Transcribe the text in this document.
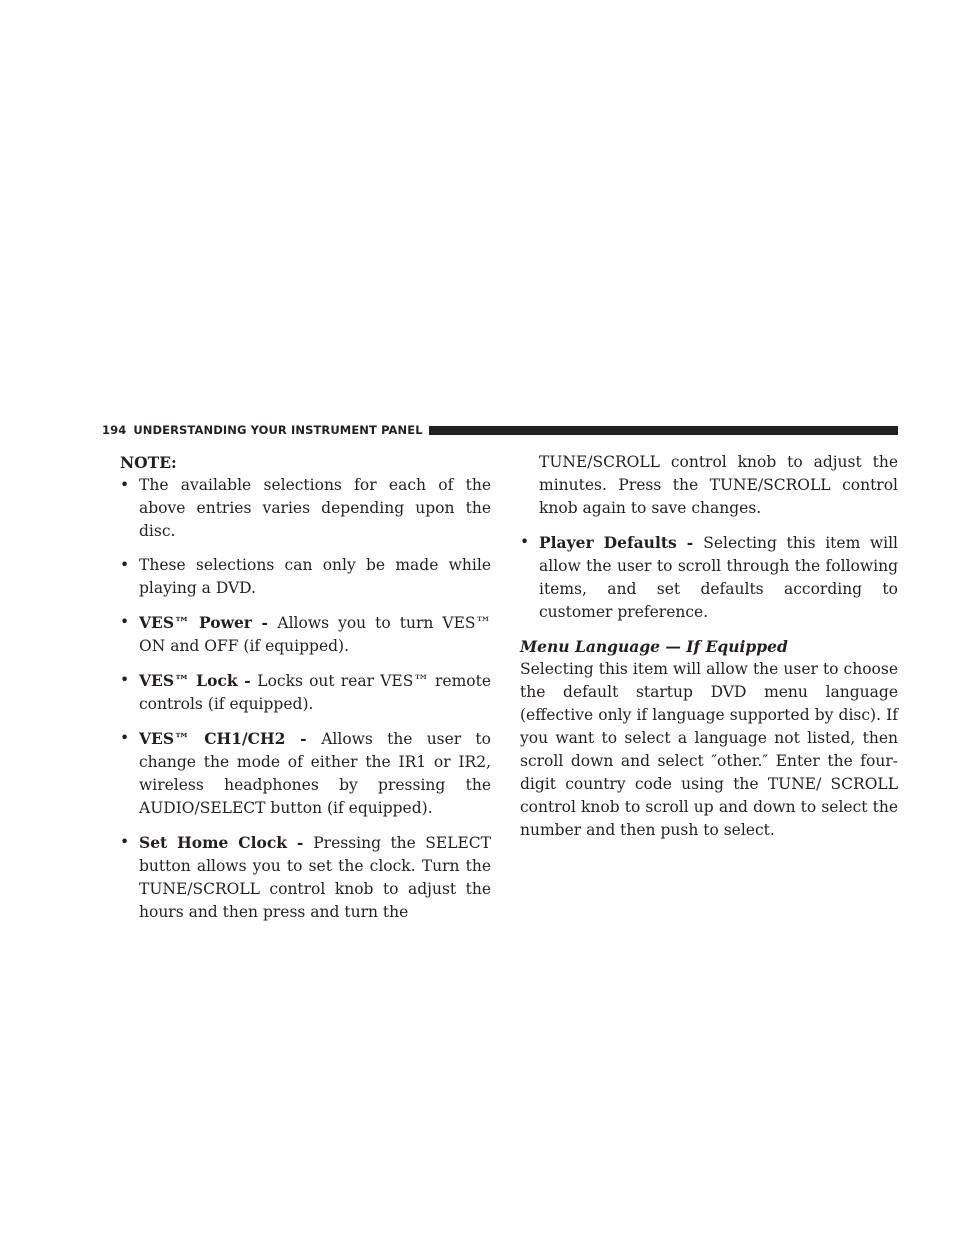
194 UNDERSTANDING YOUR INSTRUMENT PANEL
NOTE:
• The available selections for each of the above entries varies depending upon the disc.
• These selections can only be made while playing a DVD.
• VES™ Power - Allows you to turn VES™ ON and OFF (if equipped).
• VES™ Lock - Locks out rear VES™ remote controls (if equipped).
• VES™ CH1/CH2 - Allows the user to change the mode of either the IR1 or IR2, wireless headphones by pressing the AUDIO/SELECT button (if equipped).
• Set Home Clock - Pressing the SELECT button allows you to set the clock. Turn the TUNE/SCROLL control knob to adjust the hours and then press and turn the
TUNE/SCROLL control knob to adjust the minutes. Press the TUNE/SCROLL control knob again to save changes.
• Player Defaults - Selecting this item will allow the user to scroll through the following items, and set defaults according to customer preference.
Menu Language — If Equipped
Selecting this item will allow the user to choose the default startup DVD menu language (effective only if language supported by disc). If you want to select a language not listed, then scroll down and select ″other.″ Enter the four-digit country code using the TUNE/ SCROLL control knob to scroll up and down to select the number and then push to select.
